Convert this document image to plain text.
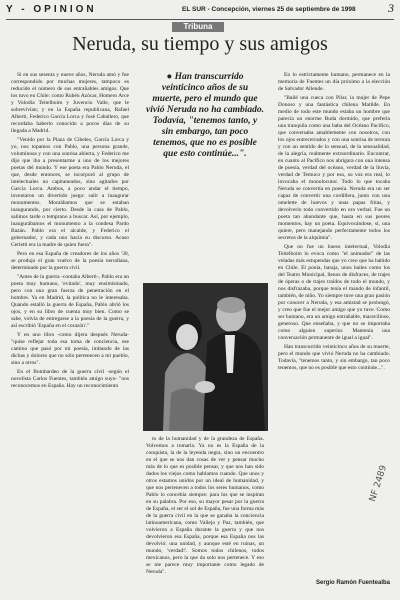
Y - OPINION	EL SUR - Concepción, viernes 25 de septiembre de 1998	3
Tribuna
Neruda, su tiempo y sus amigos

Si en sus sesenta y nueve años, Neruda amó y fue correspondido por muchas mujeres, tampoco es reducido el número de sus entrañables amigos. Que los tuvo en Chile: como Rubén Azócar, Homero Arce y Volodia Teitelboim y Juvencio Valle, que le sobrevivían; y en la España republicana, Rafael Alberti, Federico García Lorca y José Caballero, que recordaba haberlo conocido a pocos días de su llegada a Madrid.

"Venido por la Plaza de Cibeles, García Lorca y yo, nos topamos con Pablo, una persona grande, voluminosa y con una sonrisa abierta, y Federico me dijo que iba a presentarme a uno de los mejores poetas del mundo. Y ese poeta era Pablo Neruda, el que, desde entonces, se incorporó al grupo de intelectuales no capitaneados, sino agitados por García Lorca. Ambos, a poco andar el tiempo, inventaron un divertido juego: salir a inaugurar monumentos. Montábamos que se estaban inaugurando, por cierto. Desde la casa de Pablo, salimos tarde o temprano a buscar. Así, por ejemplo, inaugurábamos el monumento a la condesa Pardo Bazán. Pablo era el alcalde, y Federico el gobernador, y cada uno hacía su discurso. Acaso Cerletti era la madre de quien fuera".

Pero en esa España de creadores de los años '30, se produjo el gran vuelco de la poesía nerudiana, determinado por la guerra civil.

"Antes de la guerra -contaba Alberti-, Pablo era un poeta muy humano, 'evitado', muy ensimismado, pero con una gran fuerza de penetración en el hombre. Ya en Madrid, la política no le interesaba. Quando estalló la guerra de España, Pablo abrió los ojos, y en su libro de cuenta muy bien. Como se sabe, volvía de entregarse a la poesía de la guerra, y así escribió 'España en el corazón'."

Y en uno libro -como dijera después Neruda- "quise reflejar toda esa toma de conciencia, ese camino que pasó por mi poesía, imitando de las dichas y dolores que no sólo pertenecen a mi pueblo, sino a otros".

En el Bombardeo de la guerra civil -según el novelista Carlos Fuentes, también amigo suyo- "nos reconocemos en España. Hay un reconocimiento

● Han transcurrido veinticinco años de su muerte, pero el mundo que vivió Neruda no ha cambiado. Todavía, "tenemos tanto, y sin embargo, tan poco tenemos, que no es posible que esto continúe...".

to de la humanidad y de la grandeza de España. Volvemos a tomarla. Ya no es la España de la conquista, la de la leyenda negra, sino un encuentro en el que se nos dan cosas de ver y pensar mucho más de lo que es posible pensar, y que nos han sido dados los viejos como hablamos cuando. Que unos y otros estamos unidos por un ideal de humanidad, y que nos pertenecen a todos los seres humanos, como Pablo lo concebía siempre: para los que se inspiran en su palabra. Por eso, su mayor pesar por la guerra de España, el ser el sol de España, fue una forma más de la guerra civil en la que se ganaba la conciencia latinoamericana, como Vallejo y Paz, también, que volvieron a España durante la guerra y que nos devolvieron esa España, porque esa España nos las devolvió: una unidad, y aunque esté en ruinas, un mundo, 'verdad!'. Somos todos chilenos, todos mexicanos, pero la que da solo nos pertenece. Y eso se me parece muy importante como legado de Neruda".

En lo estrictamente humano, permanece en la memoria de Fuentes un día próximo a la elección de Salvador Allende.

"Bailé una cueca con Pilar, la mujer de Pepe Donoso y una fantástica chilena Matilde. En medio de todo este mundo estaba un hombre que parecía un enorme Buda dormido, que prefería una tranquila como una baba del Océano Pacífico, que conversaba amablemente con nosotros, con los ojos entrecerrados y con una sonrisa de ternura y con un sentido de lo sensual, de la sensualidad, de la alegría, realmente extraordinario. Encontrar, en cuanto al Pacífico nos abrigara con una intensa de poesía, verdad del océano, verdad de la lluvia, verdad de Temuco y por eso, su voz era real, lo invocaba el monolocutor. Todo lo que tocaba Neruda se convertía en poesía. Neruda era un ser capaz de convertir una cordillera, junto con una omelette de huevos y unas papas fritas, y devolverlo todo convertido en oro verbal. Fue un poeta tan abundante que, hasta en sus peores momentos, hay un poeta. Equivocándose, sí, una quiere, pero manejando perfectamente todos los secretos de la alquimia".

Que no fue un hueso intelectual, Volodia Teitelboim lo evoca como "el animador" de las veladas más estupendas que yo creo que ha habido en Chile. El ponía, baraja, unos bailes como los del Teatro Municipal, llenos de disfraces, de trajes de óperas o de trajes traídos de todo el mundo, y nos disfrazaba, porque tenía el mando de infantil, también, de niño. Yo siempre tuve una gran pasión por conocer a Neruda, y esa amistad se prolongó, y creo que fue el mejor amigo que yo tuve. Como ser humano, era un amigo entrañable, maravilloso, generoso. Que enseñaba, y que no se importaba como alguien superior. Mantenía una conversación permanente de igual a igual".

Han transcurrido veinticinco años de su muerte, pero el mundo que vivió Neruda no ha cambiado. Todavía, "tenemos tanto, y sin embargo, tan poco tenemos, que no es posible que esto continúe...".

Sergio Ramón Fuentealba
NF 2489
